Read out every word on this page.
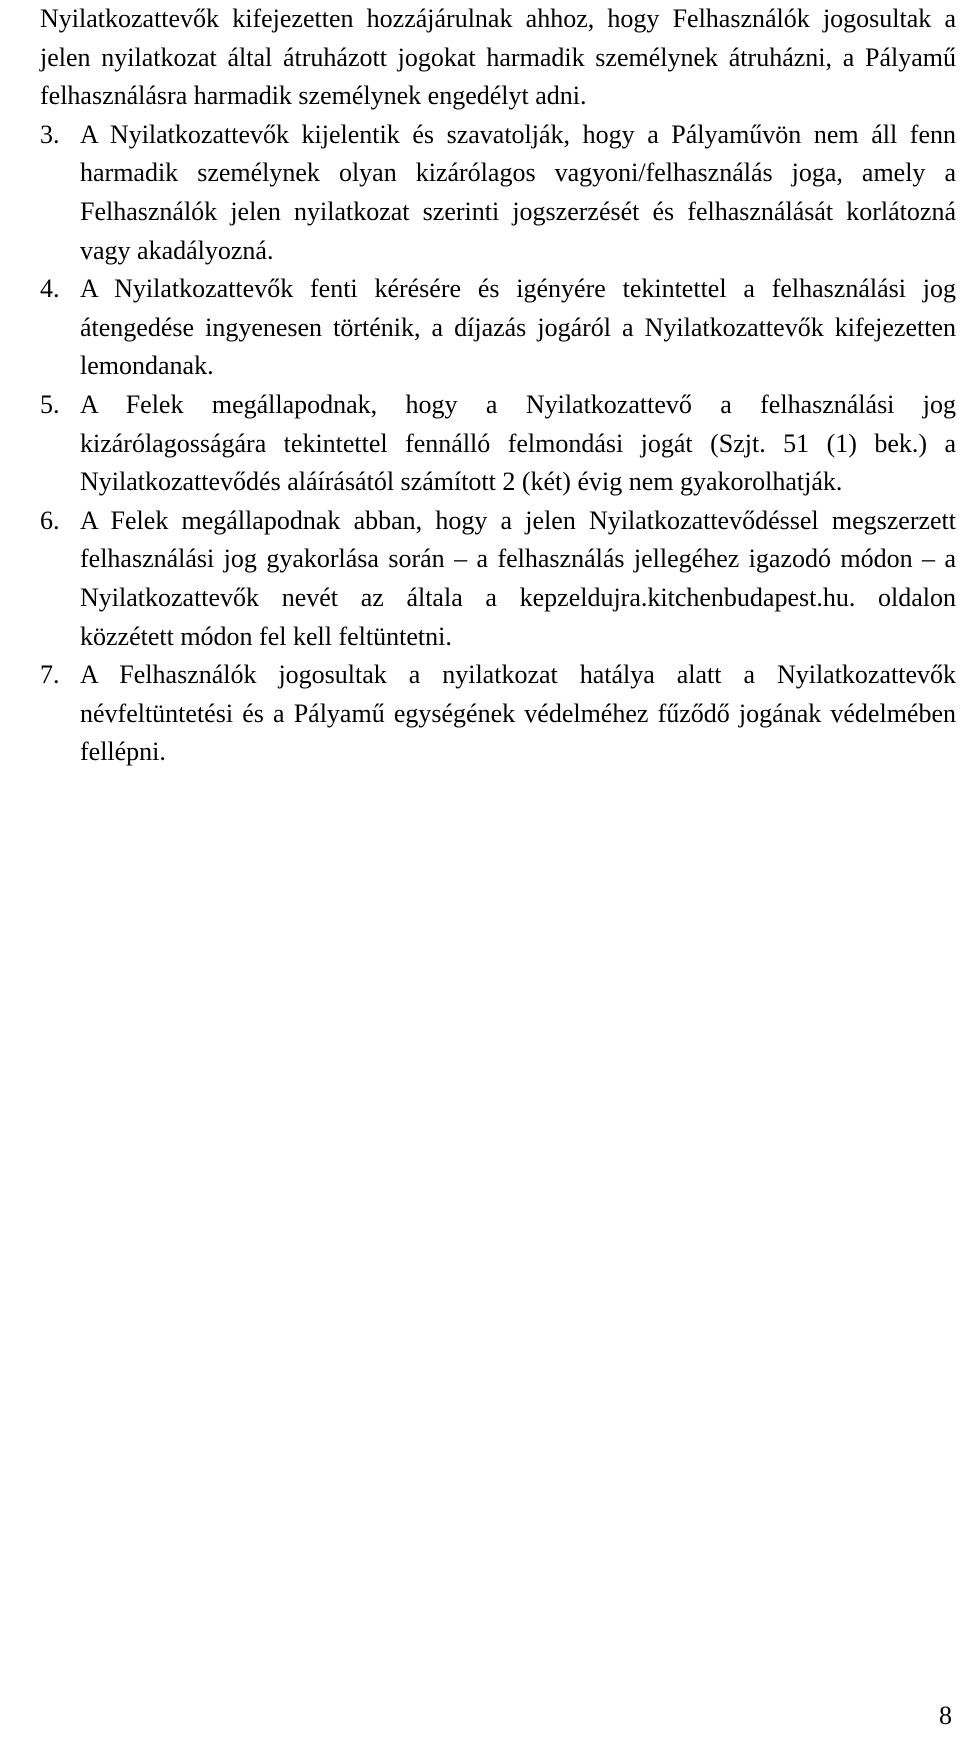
Nyilatkozattevők kifejezetten hozzájárulnak ahhoz, hogy Felhasználók jogosultak a jelen nyilatkozat által átruházott jogokat harmadik személynek átruházni, a Pályamű felhasználásra harmadik személynek engedélyt adni.

3. A Nyilatkozattevők kijelentik és szavatolják, hogy a Pályaművön nem áll fenn harmadik személynek olyan kizárólagos vagyoni/felhasználás joga, amely a Felhasználók jelen nyilatkozat szerinti jogszerzését és felhasználását korlátozná vagy akadályozná.

4. A Nyilatkozattevők fenti kérésére és igényére tekintettel a felhasználási jog átengedése ingyenesen történik, a díjazás jogáról a Nyilatkozattevők kifejezetten lemondanak.

5. A Felek megállapodnak, hogy a Nyilatkozattevő a felhasználási jog kizárólagosságára tekintettel fennálló felmondási jogát (Szjt. 51 (1) bek.) a Nyilatkozattevődés aláírásától számított 2 (két) évig nem gyakorolhatják.

6. A Felek megállapodnak abban, hogy a jelen Nyilatkozattevődéssel megszerzett felhasználási jog gyakorlása során – a felhasználás jellegéhez igazodó módon – a Nyilatkozattevők nevét az általa a kepzeldujra.kitchenbudapest.hu. oldalon közzétett módon fel kell feltüntetni.

7. A Felhasználók jogosultak a nyilatkozat hatálya alatt a Nyilatkozattevők névfeltüntetési és a Pályamű egységének védelméhez fűződő jogának védelmében fellépni.

8
